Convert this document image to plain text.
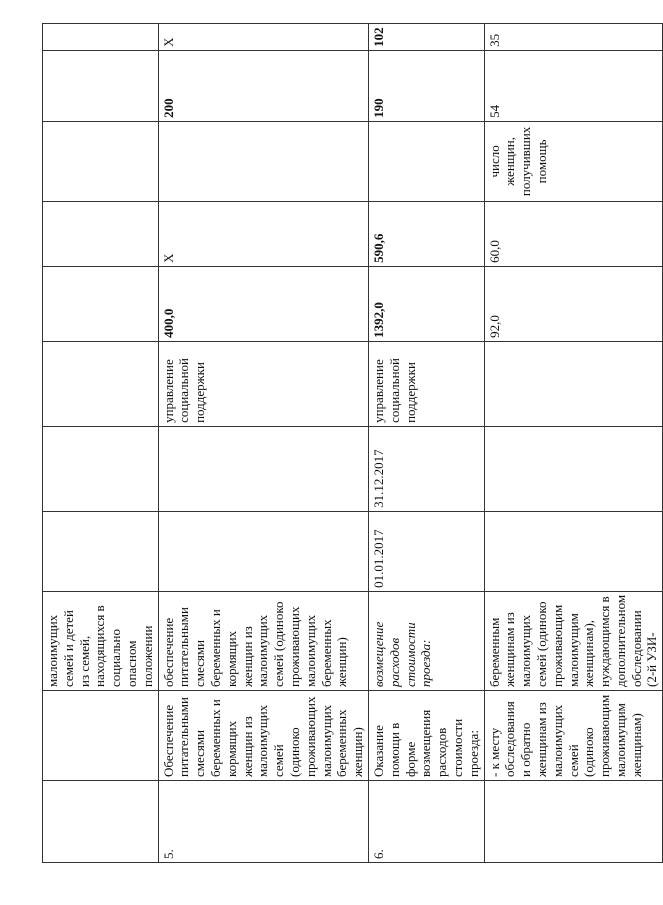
		малоимущих семей и детей из семей, находящихся в социально опасном положении								
5.	Обеспечение питательными смесями беременных и кормящих женщин из малоимущих семей (одиноко проживающих малоимущих беременных женщин)	обеспечение питательными смесями беременных и кормящих женщин из малоимущих семей (одиноко проживающих малоимущих беременных женщин)			управление социальной поддержки	400,0	Х		200	Х
6.	Оказание помощи в форме возмещения расходов стоимости проезда:	возмещение расходов стоимости проезда:	01.01.2017	31.12.2017	управление социальной поддержки	1392,0	590,6		190	102
	- к месту обследования и обратно женщинам из малоимущих семей (одиноко проживающим малоимущим женщинам)	беременным женщинам из малоимущих семей (одиноко проживающим малоимущим женщинам), нуждающимся в дополнительном обследовании (2-й УЗИ-				92,0	60,0	число женщин, получивших помощь	54	35
